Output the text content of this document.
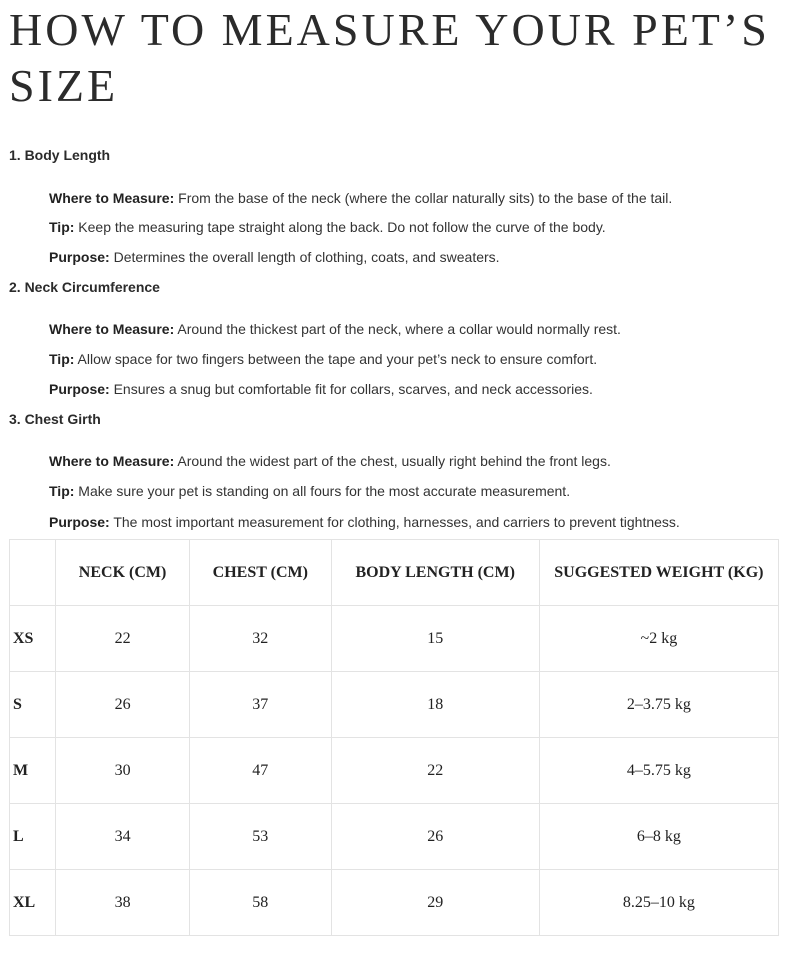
HOW TO MEASURE YOUR PET’S SIZE
1. Body Length

Where to Measure: From the base of the neck (where the collar naturally sits) to the base of the tail.

Tip: Keep the measuring tape straight along the back. Do not follow the curve of the body.

Purpose: Determines the overall length of clothing, coats, and sweaters.

2. Neck Circumference

Where to Measure: Around the thickest part of the neck, where a collar would normally rest.

Tip: Allow space for two fingers between the tape and your pet’s neck to ensure comfort.

Purpose: Ensures a snug but comfortable fit for collars, scarves, and neck accessories.

3. Chest Girth

Where to Measure: Around the widest part of the chest, usually right behind the front legs.

Tip: Make sure your pet is standing on all fours for the most accurate measurement.

Purpose: The most important measurement for clothing, harnesses, and carriers to prevent tightness.

	NECK (CM)	CHEST (CM)	BODY LENGTH (CM)	SUGGESTED WEIGHT (KG)
XS	22	32	15	~2 kg
S	26	37	18	2–3.75 kg
M	30	47	22	4–5.75 kg
L	34	53	26	6–8 kg
XL	38	58	29	8.25–10 kg
